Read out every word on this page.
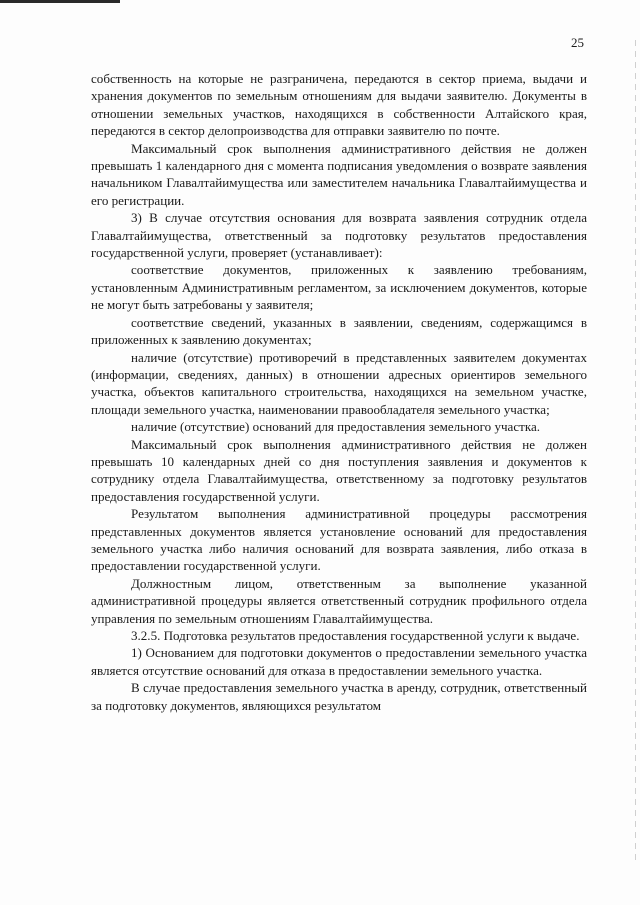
25

собственность на которые не разграничена, передаются в сектор приема, выдачи и хранения документов по земельным отношениям для выдачи заявителю. Документы в отношении земельных участков, находящихся в собственности Алтайского края, передаются в сектор делопроизводства для отправки заявителю по почте.

Максимальный срок выполнения административного действия не должен превышать 1 календарного дня с момента подписания уведомления о возврате заявления начальником Главалтайимущества или заместителем начальника Главалтайимущества и его регистрации.

3) В случае отсутствия основания для возврата заявления сотрудник отдела Главалтайимущества, ответственный за подготовку результатов предоставления государственной услуги, проверяет (устанавливает):

соответствие документов, приложенных к заявлению требованиям, установленным Административным регламентом, за исключением документов, которые не могут быть затребованы у заявителя;

соответствие сведений, указанных в заявлении, сведениям, содержащимся в приложенных к заявлению документах;

наличие (отсутствие) противоречий в представленных заявителем документах (информации, сведениях, данных) в отношении адресных ориентиров земельного участка, объектов капитального строительства, находящихся на земельном участке, площади земельного участка, наименовании правообладателя земельного участка;

наличие (отсутствие) оснований для предоставления земельного участка.

Максимальный срок выполнения административного действия не должен превышать 10 календарных дней со дня поступления заявления и документов к сотруднику отдела Главалтайимущества, ответственному за подготовку результатов предоставления государственной услуги.

Результатом выполнения административной процедуры рассмотрения представленных документов является установление оснований для предоставления земельного участка либо наличия оснований для возврата заявления, либо отказа в предоставлении государственной услуги.

Должностным лицом, ответственным за выполнение указанной административной процедуры является ответственный сотрудник профильного отдела управления по земельным отношениям Главалтайимущества.

3.2.5. Подготовка результатов предоставления государственной услуги к выдаче.

1) Основанием для подготовки документов о предоставлении земельного участка является отсутствие оснований для отказа в предоставлении земельного участка.

В случае предоставления земельного участка в аренду, сотрудник, ответственный за подготовку документов, являющихся результатом
